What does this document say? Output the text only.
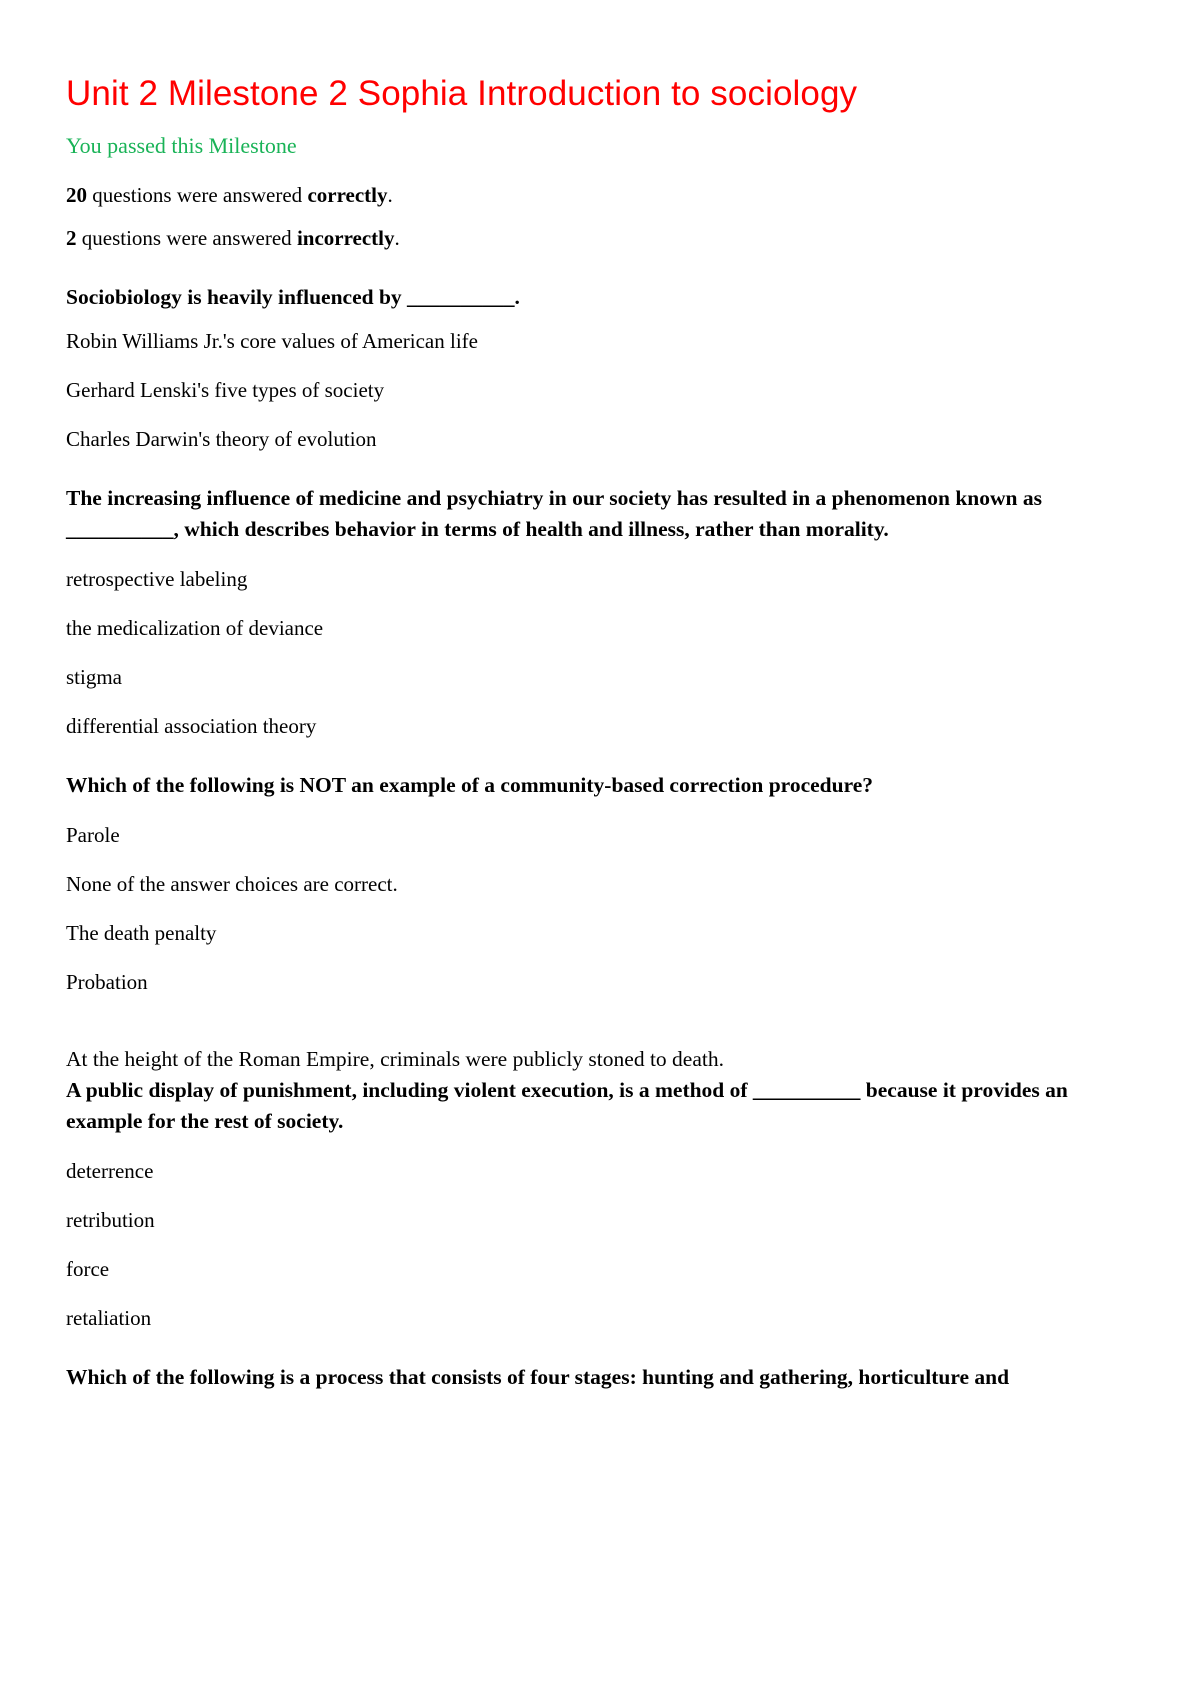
Unit 2 Milestone 2 Sophia Introduction to sociology
You passed this Milestone

20 questions were answered correctly.

2 questions were answered incorrectly.

Sociobiology is heavily influenced by __________.

Robin Williams Jr.'s core values of American life

Gerhard Lenski's five types of society

Charles Darwin's theory of evolution

The increasing influence of medicine and psychiatry in our society has resulted in a phenomenon known as __________, which describes behavior in terms of health and illness, rather than morality.

retrospective labeling

the medicalization of deviance

stigma

differential association theory

Which of the following is NOT an example of a community-based correction procedure?

Parole

None of the answer choices are correct.

The death penalty

Probation

At the height of the Roman Empire, criminals were publicly stoned to death.

A public display of punishment, including violent execution, is a method of __________ because it provides an example for the rest of society.

deterrence

retribution

force

retaliation

Which of the following is a process that consists of four stages: hunting and gathering, horticulture and
